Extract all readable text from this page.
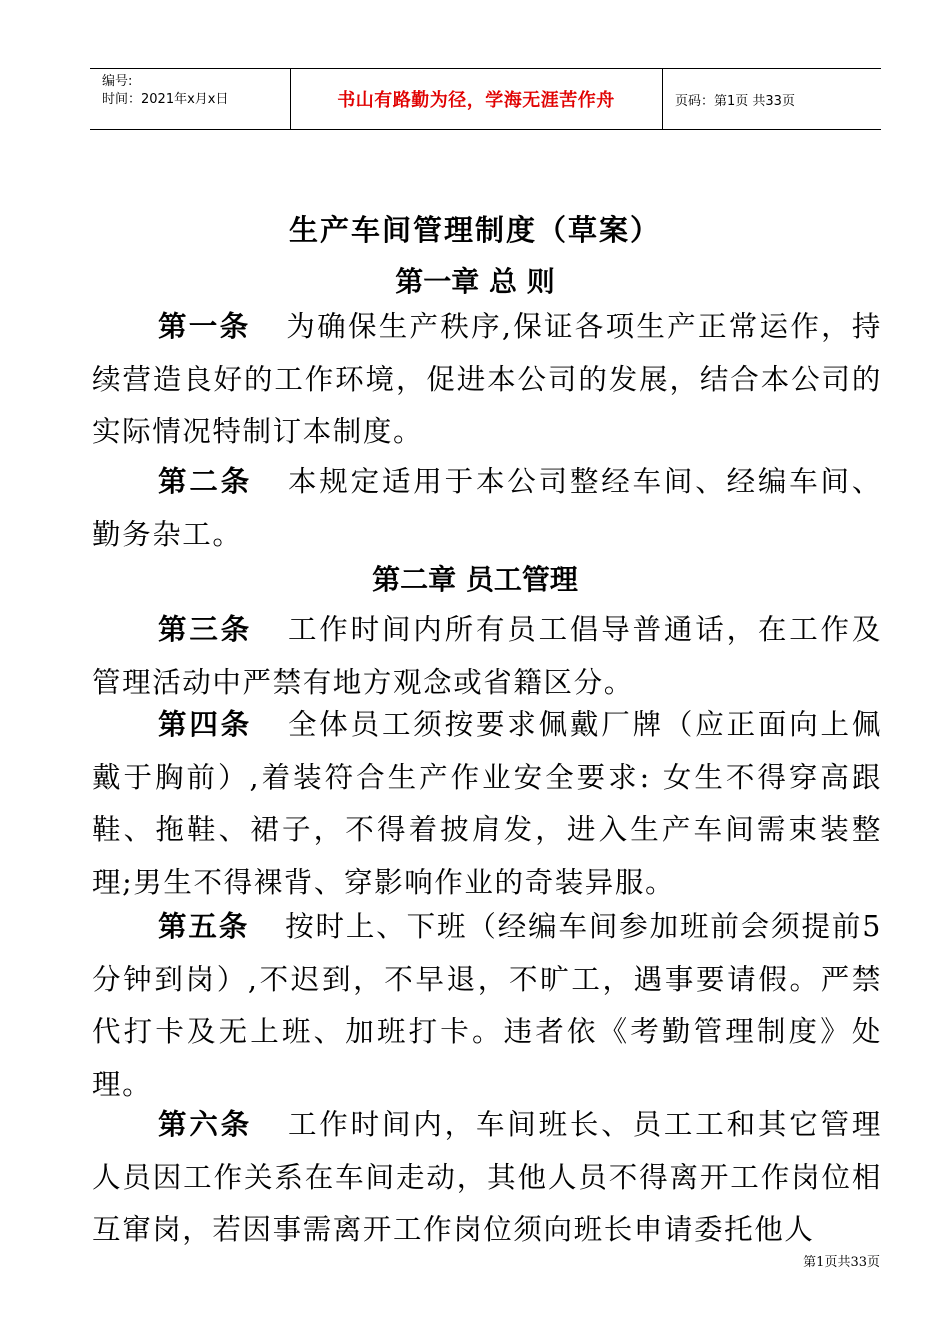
编号:
时间：2021年x月x日	书山有路勤为径，学海无涯苦作舟	页码：第1页 共33页
生产车间管理制度（草案）
第一章 总 则
第一条 为确保生产秩序,保证各项生产正常运作，持续营造良好的工作环境，促进本公司的发展，结合本公司的实际情况特制订本制度。
第二条 本规定适用于本公司整经车间、经编车间、勤务杂工。
第二章 员工管理
第三条 工作时间内所有员工倡导普通话，在工作及管理活动中严禁有地方观念或省籍区分。
第四条 全体员工须按要求佩戴厂牌（应正面向上佩戴于胸前）,着装符合生产作业安全要求: 女生不得穿高跟鞋、拖鞋、裙子，不得着披肩发，进入生产车间需束装整理;男生不得裸背、穿影响作业的奇装异服。
第五条 按时上、下班（经编车间参加班前会须提前5分钟到岗）,不迟到，不早退，不旷工，遇事要请假。严禁代打卡及无上班、加班打卡。违者依《考勤管理制度》处理。
第六条 工作时间内，车间班长、员工工和其它管理人员因工作关系在车间走动，其他人员不得离开工作岗位相互窜岗，若因事需离开工作岗位须向班长申请委托他人
第1页共33页
